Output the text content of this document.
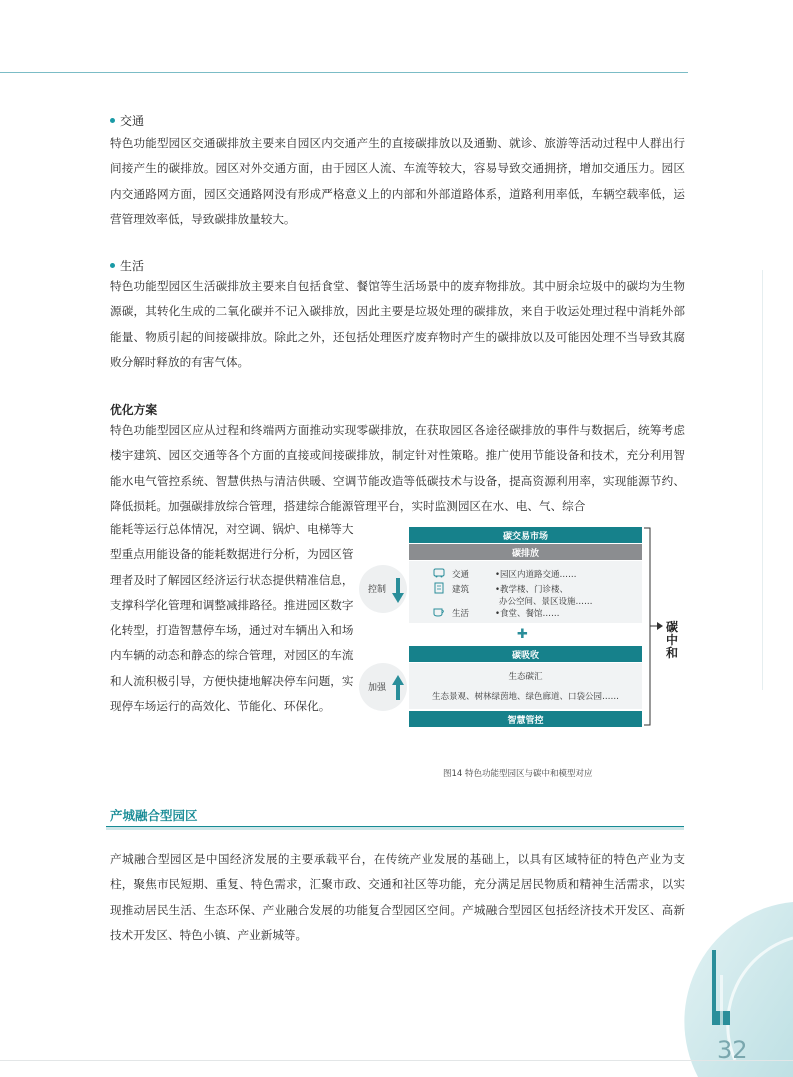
交通
特色功能型园区交通碳排放主要来自园区内交通产生的直接碳排放以及通勤、就诊、旅游等活动过程中人群出行间接产生的碳排放。园区对外交通方面，由于园区人流、车流等较大，容易导致交通拥挤，增加交通压力。园区内交通路网方面，园区交通路网没有形成严格意义上的内部和外部道路体系，道路利用率低，车辆空载率低，运营管理效率低，导致碳排放量较大。
生活
特色功能型园区生活碳排放主要来自包括食堂、餐馆等生活场景中的废弃物排放。其中厨余垃圾中的碳均为生物源碳，其转化生成的二氧化碳并不记入碳排放，因此主要是垃圾处理的碳排放，来自于收运处理过程中消耗外部能量、物质引起的间接碳排放。除此之外，还包括处理医疗废弃物时产生的碳排放以及可能因处理不当导致其腐败分解时释放的有害气体。
优化方案
特色功能型园区应从过程和终端两方面推动实现零碳排放，在获取园区各途径碳排放的事件与数据后，统筹考虑楼宇建筑、园区交通等各个方面的直接或间接碳排放，制定针对性策略。推广使用节能设备和技术，充分利用智能水电气管控系统、智慧供热与清洁供暖、空调节能改造等低碳技术与设备，提高资源利用率，实现能源节约、降低损耗。加强碳排放综合管理，搭建综合能源管理平台，实时监测园区在水、电、气、综合
能耗等运行总体情况，对空调、锅炉、电梯等大型重点用能设备的能耗数据进行分析，为园区管理者及时了解园区经济运行状态提供精准信息，支撑科学化管理和调整减排路径。推进园区数字化转型，打造智慧停车场，通过对车辆出入和场内车辆的动态和静态的综合管理，对园区的车流和人流积极引导，方便快捷地解决停车问题，实现停车场运行的高效化、节能化、环保化。
碳交易市场
碳排放
控制
交通	•园区内道路交通……
建筑	•教学楼、门诊楼、
办公空间、景区设施……
生活	•食堂、餐馆……
✚
碳吸收
加强
生态碳汇
生态景观、树林绿茵地、绿色廊道、口袋公园……
智慧管控
碳中和
图14 特色功能型园区与碳中和模型对应
产城融合型园区
产城融合型园区是中国经济发展的主要承载平台，在传统产业发展的基础上，以具有区域特征的特色产业为支柱，聚焦市民短期、重复、特色需求，汇聚市政、交通和社区等功能，充分满足居民物质和精神生活需求，以实现推动居民生活、生态环保、产业融合发展的功能复合型园区空间。产城融合型园区包括经济技术开发区、高新技术开发区、特色小镇、产业新城等。
32
